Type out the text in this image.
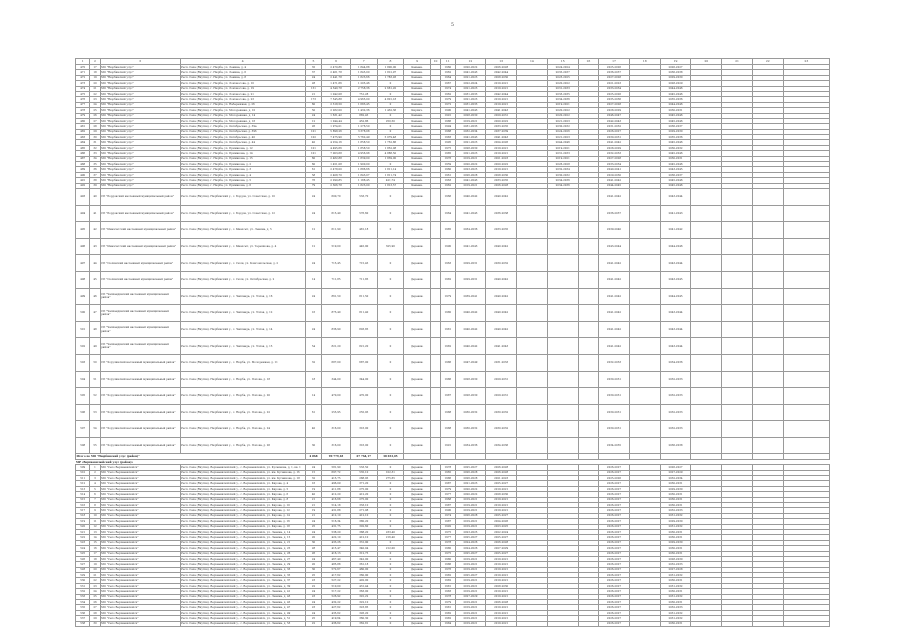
5
1	2	3	4	5	6	7	8	9	10	11	12	13	14	15	16	17	18	19	20	21	22	23
470	17	МО "Нюрбинский улус"	Респ. Саха (Якутия), г. Нюрба, ул. Ленина, д. 4	35	2 470,86	1 844,88	1 800,00	Каменн.		1960	2020-2022	2026-2028		2024-2024		2025-2026		2026-2027				
471	18	МО "Нюрбинский улус"	Респ. Саха (Якутия), г. Нюрба, ул. Ленина, д. 6	37	2 461,78	1 845,00	1 812,97	Каменн.		1962	2041-2043	2042-2044		2035-2037		2036-2037		2036-2038				
472	19	МО "Нюрбинский улус"	Респ. Саха (Якутия), г. Нюрба, ул. Ленина, д. 8	24	2 441,78	1 823,66	1 783,93	Каменн.		1964	2021-2023	2028-2030		2023-2025		2027-2028		2029-2030				
473	20	МО "Нюрбинский улус"	Респ. Саха (Якутия), г. Нюрба, ул. Ломоносова, д. 10	28	1 471,66	1 205,46	0	Каменн.		1967	2022-2024	2019-2021		2020-2022		2021-2023		2028-2029				
474	21	МО "Нюрбинский улус"	Респ. Саха (Якутия), г. Нюрба, ул. Ломоносова, д. 19	151	4 340,78	2 758,36	2 681,20	Каменн.		1974	2021-2023	2019-2021		2031-2033		2033-2034		2044-2046				
475	22	МО "Нюрбинский улус"	Респ. Саха (Якутия), г. Нюрба, ул. Ломоносова, д. 21	21	1 042,08	751,28	0	Каменн.		1962	2031-2033	2042-2044		2033-2035		2025-2026		2045-2046				
476	23	МО "Нюрбинский улус"	Респ. Саха (Якутия), г. Нюрба, ул. Ломоносова, д. 23	173	7 545,88	4 965,00	4 801,18	Каменн.		1979	2021-2023	2019-2021		2034-2036		2035-2036		2035-2036				
477	24	МО "Нюрбинский улус"	Респ. Саха (Якутия), г. Нюрба, ул. Набережная, д. 26	60	2 318,50	1 683,45	0	Каменн.		1972	2031-2033	2019-2021		2019-2021		2027-2028		2044-2046				
478	25	МО "Нюрбинский улус"	Респ. Саха (Якутия), г. Нюрба, ул. Молодежная, д. 10	50	2 282,00	1 432,36	1 432,36	Кирпич.		1990	2041-2043	2041-2043		2020-2022		2028-2029		2030-2031				
479	26	МО "Нюрбинский улус"	Респ. Саха (Якутия), г. Нюрба, ул. Молодежная, д. 14	24	1 631,42	882,45	0	Каменн.		1991	2028-2030	2029-2031		2020-2022		2046-2047		2045-2046				
480	27	МО "Нюрбинский улус"	Респ. Саха (Якутия), г. Нюрба, ул. Молодежная, д. 16	12	1 044,44	452,86	250,50	Каменн.		1986	2019-2021	2020-2022		2021-2023		2042-2043		2045-2046				
481	28	МО "Нюрбинский улус"	Респ. Саха (Якутия), г. Нюрба, ул. Октябрьская, д. 39а	26	1 974,01	1 276,50	0	Каменн.		1994	2031-2033	2033-2035		2030-2032		2031-2032		2036-2037				
482	29	МО "Нюрбинский улус"	Респ. Саха (Якутия), г. Нюрба, ул. Октябрьская, д. 39б	101	5 898,26	3 378,08	0	Каменн.		1988	2032-2034	2037-2039		2024-2026		2026-2027		2029-2030				
483	30	МО "Нюрбинский улус"	Респ. Саха (Якутия), г. Нюрба, ул. Октябрьская, д. 40	102	7 475,90	5 762,49	5 079,48	Каменн.		1983	2041-2043	2041-2043		2021-2023		2030-2031		2035-2036				
484	31	МО "Нюрбинский улус"	Респ. Саха (Якутия), г. Нюрба, ул. Октябрьская, д. 44	40	4 254,16	1 858,50	1 752,86	Каменн.		1995	2021-2023	2024-2026		2044-2046		2041-2042		2045-2046				
485	32	МО "Нюрбинский улус"	Респ. Саха (Якутия), г. Нюрба, ул. Примакова, д. 12	101	4 495,66	1 858,50	1 852,08	Каменн.		1975	2028-2030	2019-2021		2019-2021		2028-2029		2030-2032				
486	33	МО "Нюрбинский улус"	Респ. Саха (Якутия), г. Нюрба, ул. Примакова, д. 14	101	7 003,68	4 956,98	4 888,50	Каменн.		1985	2021-2023	2019-2021		2031-2033		2032-2033		2045-2046				
487	34	МО "Нюрбинский улус"	Респ. Саха (Якутия), г. Нюрба, ул. Примакова, д. 15	60	2 482,88	1 839,00	1 839,00	Каменн.		1976	2019-2021	2021-2023		2019-2021		2027-2028		2030-2031				
488	35	МО "Нюрбинский улус"	Респ. Саха (Якутия), г. Нюрба, ул. Примакова, д. 2	60	1 451,08	1 900,00	0	Каменн.		1959	2020-2022	2020-2022		2026-2028		2033-2034		2045-2046				
489	36	МО "Нюрбинский улус"	Респ. Саха (Якутия), г. Нюрба, ул. Примакова, д. 3	61	2 478,00	1 886,66	1 811,14	Каменн.		1960	2023-2025	2019-2021		2032-2034		2040-2041		2043-2045				
490	37	МО "Нюрбинский улус"	Респ. Саха (Якутия), г. Нюрба, ул. Примакова, д. 4	58	2 408,70	1 843,07	1 811,74	Каменн.		1961	2026-2028	2028-2030		2030-2032		2029-2030		2036-2037				
491	38	МО "Нюрбинский улус"	Респ. Саха (Якутия), г. Нюрба, ул. Примакова, д. 5	76	2 290,85	1 188,45	421,74	Каменн.		1963	2041-2043	2033-2035		2034-2036		2041-2042		2045-2046				
492	39	МО "Нюрбинский улус"	Респ. Саха (Якутия), г. Нюрба, ул. Примакова, д. 6	79	2 306,78	1 823,00	1 813,57	Каменн.		1962	2019-2021	2026-2028		2034-2036		2044-2045		2045-2046				
493	40	СП "Бордонский наслежный муниципальный район"	Респ. Саха (Якутия), Нюрбинский у., с. Бордон, ул. Советская, д. 10	24	600,70	533,70	0	Деревян.		1966	2040-2042	2040-2042				2041-2042		2043-2044				
494	41	СП "Бордонский наслежный муниципальный район"	Респ. Саха (Якутия), Нюрбинский у., с. Бордон, ул. Советская, д. 12	24	615,40	576,60	0	Деревян.		1964	2041-2043	2036-2038				2036-2037		2041-2043				
495	42	СП "Ынахсытский наслежный муниципальный район"	Респ. Саха (Якутия), Нюрбинский у., с. Ынахсыт, ул. Ленина, д. 5	12	611,90	481,18	0	Деревян.		1985	2034-2036	2033-2035				2039-2040		2041-2042				
496	43	СП "Ынахсытский наслежный муниципальный район"	Респ. Саха (Якутия), Нюрбинский у., с. Ынахсыт, ул. Терешкова, д. 4	12	519,00	445,90	325,90	Деревян.		1990	2041-2043	2040-2042				2043-2044		2044-2046				
497	44	СП "Сюлинский наслежный муниципальный район"	Респ. Саха (Якутия), Нюрбинский у., с. Сюля, ул. Комсомольская, д. 2	24	715,45	715,45	0	Деревян.		1963	2029-2031	2030-2032				2041-2042		2043-2044				
498	45	СП "Сюлинский наслежный муниципальный район"	Респ. Саха (Якутия), Нюрбинский у., с. Сюля, ул. Октябрьская, д. 2	14	711,85	711,85	0	Деревян.		1982	2029-2031	2040-2042				2041-2042		2043-2045				
499	46	СП "Чаппандинский наслежный муниципальный район"	Респ. Саха (Якутия), Нюрбинский у., с. Чаппанда, ул. Эллэя, д. 16	24	861,50	811,50	0	Деревян.		1979	2039-2041	2040-2042				2041-2042		2044-2045				
500	47	СП "Чаппандинский наслежный муниципальный район"	Респ. Саха (Якутия), Нюрбинский у., с. Чаппанда, ул. Эллэя, д. 12	16	875,40	811,40	0	Деревян.		1980	2040-2042	2040-2042				2041-2042		2043-2044				
501	48	СП "Чаппандинский наслежный муниципальный район"	Респ. Саха (Якутия), Нюрбинский у., с. Чаппанда, ул. Эллэя, д. 14	24	836,90	803,85	0	Деревян.		1981	2040-2042	2040-2042				2041-2042		2043-2044				
502	49	СП "Чаппандинский наслежный муниципальный район"	Респ. Саха (Якутия), Нюрбинский у., с. Чаппанда, ул. Эллэя, д. 15	54	821,20	821,20	0	Деревян.		1982	2040-2042	2041-2043				2041-2042		2043-2044				
503	50	СП "Хорулинский наслежный муниципальный район"	Респ. Саха (Якутия), Нюрбинский у., с. Нюрба, ул. Молодежная, д. 11	32	687,00	687,00	0	Деревян.		1986	2047-2049	2031-2033				2032-2033		2034-2036				
504	51	СП "Хорулинский наслежный муниципальный район"	Респ. Саха (Якутия), Нюрбинский у., с. Нюрба, ул. Попова, д. 18	18	344,00	344,00	0	Деревян.		1986	2028-2030	2029-2031				2030-2031		2032-2033				
505	52	СП "Хорулинский наслежный муниципальный район"	Респ. Саха (Якутия), Нюрбинский у., с. Нюрба, ул. Попова, д. 20	14	470,00	470,00	0	Деревян.		1987	2028-2030	2029-2031				2030-2031		2032-2033				
506	53	СП "Хорулинский наслежный муниципальный район"	Респ. Саха (Якутия), Нюрбинский у., с. Нюрба, ул. Попова, д. 22	61	255,95	255,95	0	Деревян.		1988	2030-2032	2030-2032				2030-2031		2032-2033				
507	54	СП "Хорулинский наслежный муниципальный район"	Респ. Саха (Якутия), Нюрбинский у., с. Нюрба, ул. Попова, д. 24	40	316,00	316,00	0	Деревян.		1988	2030-2032	2030-2032				2030-2031		2032-2033				
508	55	СП "Хорулинский наслежный муниципальный район"	Респ. Саха (Якутия), Нюрбинский у., с. Нюрба, ул. Попова, д. 26	30	316,00	316,00	0	Деревян.		1991	2034-2036	2034-2036				2034-2035		2036-2038				
Итого по МО "Нюрбинский улус (район)"				4 868	99 779,18	67 764,17	38 653,05															
МР «Верхневилюйский улус (район)»																						
509	1	МО "Село Верхневилюйск"	Респ. Саха (Якутия), Верхневилюйский у., с. Верхневилюйск, ул. Кусаинова, д. 1, кв. 1	24	581,90	533,50	0	Деревян.		1978	2025-2027	2026-2028				2026-2027		2026-2027				
510	2	МО "Село Верхневилюйск"	Респ. Саха (Якутия), Верхневилюйский у., с. Верхневилюйск, ул. им. Кусаинова, д. 1б	15	697,72	535,10	102,31	Деревян.		1965	2026-2028	2026-2028				2026-2027		2027-2029				
511	3	МО "Село Верхневилюйск"	Респ. Саха (Якутия), Верхневилюйский у., с. Верхневилюйск, ул. им. Кусаинова, д. 18	32	415,75	288,95	275,65	Деревян.		1986	2026-2028	2021-2023				2025-2026		2032-2034				
512	4	МО "Село Верхневилюйск"	Респ. Саха (Якутия), Верхневилюйский у., с. Верхневилюйск, ул. Кирова, д. 4	16	496,09	371,20	0	Деревян.		1987	2021-2023	2025-2027				2026-2027		2030-2031				
513	5	МО "Село Верхневилюйск"	Респ. Саха (Якутия), Верхневилюйский у., с. Верхневилюйск, ул. Кирова, д. 5	19	411,88	275,00	0	Деревян.		1979	2020-2022	2019-2021				2026-2027		2029-2030				
514	6	МО "Село Верхневилюйск"	Респ. Саха (Якутия), Верхневилюйский у., с. Верхневилюйск, ул. Кирова, д. 6	40	412,20	412,20	0	Деревян.		1977	2020-2022	2028-2030				2026-2027		2030-2031				
515	7	МО "Село Верхневилюйск"	Респ. Саха (Якутия), Верхневилюйский у., с. Верхневилюйск, ул. Кирова, д. 8	21	416,68	275,00	0	Деревян.		1968	2019-2021	2019-2021				2026-2027		2030-2031				
516	8	МО "Село Верхневилюйск"	Респ. Саха (Якутия), Верхневилюйский у., с. Верхневилюйск, ул. Кирова, д. 10	21	514,18	333,10	0	Деревян.		1987	2019-2021	2019-2021				2026-2027		2030-2031				
517	9	МО "Село Верхневилюйск"	Респ. Саха (Якутия), Верхневилюйский у., с. Верхневилюйск, ул. Кирова, д. 12	19	431,88	271,08	0	Деревян.		1990	2019-2021	2019-2021				2026-2027		2032-2033				
518	10	МО "Село Верхневилюйск"	Респ. Саха (Якутия), Верхневилюйский у., с. Верхневилюйск, ул. Кирова, д. 14	21	412,10	412,10	0	Деревян.		1974	2026-2028	2025-2027				2026-2027		2031-2032				
519	11	МО "Село Верхневилюйск"	Респ. Саха (Якутия), Верхневилюйский у., с. Верхневилюйск, ул. Кирова, д. 16	24	516,34	380,20	0	Деревян.		1987	2019-2021	2024-2026				2026-2027		2029-2030				
520	12	МО "Село Верхневилюйск"	Респ. Саха (Якутия), Верхневилюйский у., с. Верхневилюйск, ул. Кирова, д. 18	25	431,75	302,60	0	Деревян.		1992	2019-2021	2023-2025				2026-2027		2031-2032				
521	13	МО "Село Верхневилюйск"	Респ. Саха (Якутия), Верхневилюйский у., с. Верхневилюйск, ул. Ленина, д. 14	24	538,20	388,20	233,40	Деревян.		1975	2023-2025	2022-2024				2026-2027		2030-2031				
522	14	МО "Село Верхневилюйск"	Респ. Саха (Якутия), Верхневилюйский у., с. Верхневилюйск, ул. Ленина, д. 15	20	422,10	412,10	216,40	Деревян.		1977	2025-2027	2025-2027				2026-2027		2030-2031				
523	15	МО "Село Верхневилюйск"	Респ. Саха (Якутия), Верхневилюйский у., с. Верхневилюйск, ул. Ленина, д. 21	30	433,26	331,90	0	Деревян.		1978	2024-2026	2026-2028				2026-2027		2029-2030				
524	16	МО "Село Верхневилюйск"	Респ. Саха (Якутия), Верхневилюйский у., с. Верхневилюйск, ул. Ленина, д. 25	28	415,47	340,04	212,00	Деревян.		1980	2024-2026	2027-2029				2026-2027		2030-2031				
525	17	МО "Село Верхневилюйск"	Респ. Саха (Якутия), Верхневилюйский у., с. Верхневилюйск, ул. Ленина, д. 26	26	416,13	312,75	0	Деревян.		1975	2025-2027	2025-2027				2026-2027		2030-2031				
526	18	МО "Село Верхневилюйск"	Респ. Саха (Якутия), Верхневилюйский у., с. Верхневилюйск, ул. Ленина, д. 27	24	467,40	342,00	0	Деревян.		1980	2019-2021	2019-2021				2026-2027		2028-2030				
527	19	МО "Село Верхневилюйск"	Респ. Саха (Якутия), Верхневилюйский у., с. Верхневилюйск, ул. Ленина, д. 29	20	485,88	361,18	0	Деревян.		1986	2019-2021	2019-2021				2026-2027		2032-2033				
528	20	МО "Село Верхневилюйск"	Респ. Саха (Якутия), Верхневилюйский у., с. Верхневилюйск, ул. Ленина, д. 33	30	572,67	460,00	0	Деревян.		1976	2019-2021	2019-2021				2026-2027		2027-2028				
529	21	МО "Село Верхневилюйск"	Респ. Саха (Якутия), Верхневилюйский у., с. Верхневилюйск, ул. Ленина, д. 35	25	417,62	360,90	0	Деревян.		1982	2025-2027	2019-2021				2026-2027		2031-2032				
530	22	МО "Село Верхневилюйск"	Респ. Саха (Якутия), Верхневилюйский у., с. Верхневилюйск, ул. Ленина, д. 37	23	527,22	402,00	0	Деревян.		1982	2019-2021	2019-2021				2026-2027		2030-2031				
531	23	МО "Село Верхневилюйск"	Респ. Саха (Якутия), Верхневилюйский у., с. Верхневилюйск, ул. Ленина, д. 39	22	510,00	431,44	0	Деревян.		1981	2019-2021	2028-2030				2026-2027		2031-2032				
532	24	МО "Село Верхневилюйск"	Респ. Саха (Якутия), Верхневилюйский у., с. Верхневилюйск, ул. Ленина, д. 41	24	517,22	363,00	0	Деревян.		1983	2019-2021	2019-2021				2026-2027		2030-2031				
533	25	МО "Село Верхневилюйск"	Респ. Саха (Якутия), Верхневилюйский у., с. Верхневилюйск, ул. Ленина, д. 43	23	526,92	391,22	0	Деревян.		1978	2027-2029	2019-2021				2026-2027		2031-2032				
534	26	МО "Село Верхневилюйск"	Респ. Саха (Якутия), Верхневилюйский у., с. Верхневилюйск, ул. Ленина, д. 45	24	432,22	322,10	0	Деревян.		1979	2019-2021	2026-2028				2026-2027		2030-2031				
535	27	МО "Село Верхневилюйск"	Респ. Саха (Якутия), Верхневилюйский у., с. Верхневилюйск, ул. Ленина, д. 47	23	427,62	323,85	0	Деревян.		1981	2019-2021	2019-2021				2026-2027		2032-2033				
536	28	МО "Село Верхневилюйск"	Респ. Саха (Якутия), Верхневилюйский у., с. Верхневилюйск, ул. Ленина, д. 49	24	435,62	326,20	0	Деревян.		1982	2019-2021	2019-2021				2026-2027		2031-2032				
537	29	МО "Село Верхневилюйск"	Респ. Саха (Якутия), Верхневилюйский у., с. Верхневилюйск, ул. Ленина, д. 51	25	419,64	360,30	0	Деревян.		1982	2019-2021	2019-2021				2026-2027		2031-2032				
538	30	МО "Село Верхневилюйск"	Респ. Саха (Якутия), Верхневилюйский у., с. Верхневилюйск, ул. Ленина, д. 53	22	436,62	362,81	0	Деревян.		1984	2019-2021	2019-2021				2026-2027		2030-2031				
